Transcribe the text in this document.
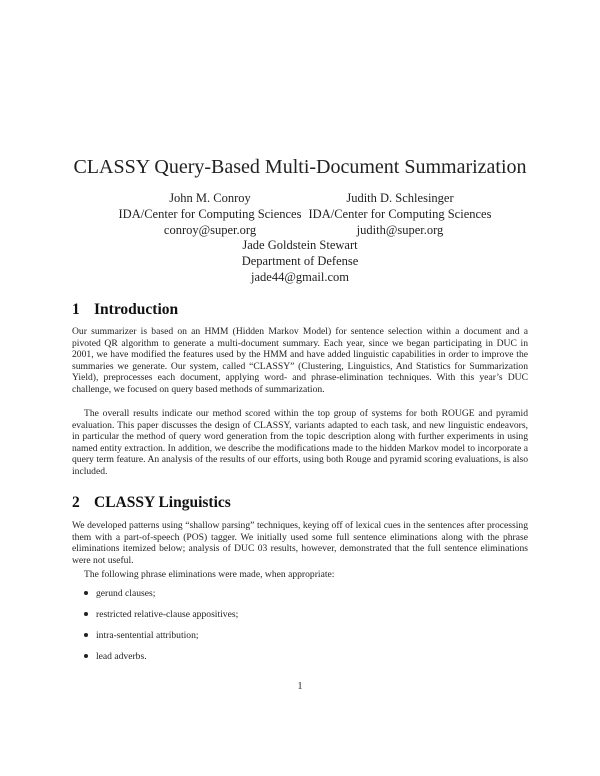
CLASSY Query-Based Multi-Document Summarization
John M. Conroy
IDA/Center for Computing Sciences
conroy@super.org
Judith D. Schlesinger
IDA/Center for Computing Sciences
judith@super.org
Jade Goldstein Stewart
Department of Defense
jade44@gmail.com
1 Introduction

Our summarizer is based on an HMM (Hidden Markov Model) for sentence selection within a document and a pivoted QR algorithm to generate a multi-document summary. Each year, since we began participating in DUC in 2001, we have modified the features used by the HMM and have added linguistic capabilities in order to improve the summaries we generate. Our system, called “CLASSY” (Clustering, Linguistics, And Statistics for Summarization Yield), preprocesses each document, applying word- and phrase-elimination techniques. With this year’s DUC challenge, we focused on query based methods of summarization.

The overall results indicate our method scored within the top group of systems for both ROUGE and pyramid evaluation. This paper discusses the design of CLASSY, variants adapted to each task, and new linguistic endeavors, in particular the method of query word generation from the topic description along with further experiments in using named entity extraction. In addition, we describe the modifications made to the hidden Markov model to incorporate a query term feature. An analysis of the results of our efforts, using both Rouge and pyramid scoring evaluations, is also included.

2 CLASSY Linguistics

We developed patterns using “shallow parsing” techniques, keying off of lexical cues in the sentences after processing them with a part-of-speech (POS) tagger. We initially used some full sentence eliminations along with the phrase eliminations itemized below; analysis of DUC 03 results, however, demonstrated that the full sentence eliminations were not useful.

The following phrase eliminations were made, when appropriate:

gerund clauses;
restricted relative-clause appositives;
intra-sentential attribution;
lead adverbs.
1
